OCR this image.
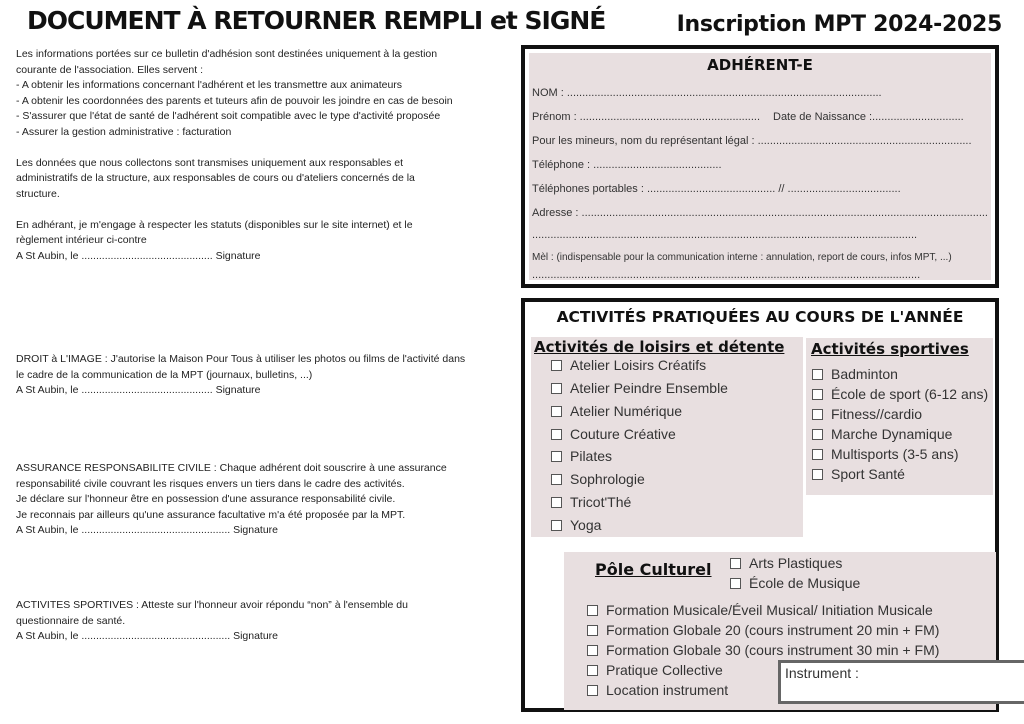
DOCUMENT À RETOURNER REMPLI et SIGNÉ	Inscription MPT 2024-2025

Les informations portées sur ce bulletin d'adhésion sont destinées uniquement à la gestion

courante de l'association. Elles servent :

- A obtenir les informations concernant l'adhérent et les transmettre aux animateurs

- A obtenir les coordonnées des parents et tuteurs afin de pouvoir les joindre en cas de besoin

- S'assurer que l'état de santé de l'adhérent soit compatible avec le type d'activité proposée

- Assurer la gestion administrative : facturation

Les données que nous collectons sont transmises uniquement aux responsables et

administratifs de la structure, aux responsables de cours ou d'ateliers concernés de la

structure.

En adhérant, je m'engage à respecter les statuts (disponibles sur le site internet) et le

règlement intérieur ci-contre

A St Aubin, le ............................................. Signature

DROIT à L'IMAGE : J'autorise la Maison Pour Tous à utiliser les photos ou films de l'activité dans

le cadre de la communication de la MPT (journaux, bulletins, ...)

A St Aubin, le ............................................. Signature

ASSURANCE RESPONSABILITE CIVILE : Chaque adhérent doit souscrire à une assurance

responsabilité civile couvrant les risques envers un tiers dans le cadre des activités.

Je déclare sur l'honneur être en possession d'une assurance responsabilité civile.

Je reconnais par ailleurs qu'une assurance facultative m'a été proposée par la MPT.

A St Aubin, le ................................................... Signature

ACTIVITES SPORTIVES : Atteste sur l'honneur avoir répondu “non” à l'ensemble du

questionnaire de santé.

A St Aubin, le ................................................... Signature

ADHÉRENT-E
NOM : .......................................................................................................
Prénom : ........................................................... Date de Naissance :..............................
Pour les mineurs, nom du représentant légal : ......................................................................
Téléphone : ..........................................
Téléphones portables : .......................................... // .....................................
Adresse : .....................................................................................................................................
..............................................................................................................................
Mèl : (indispensable pour la communication interne : annulation, report de cours, infos MPT, ...)
...............................................................................................................................
ACTIVITÉS PRATIQUÉES AU COURS DE L'ANNÉE
Activités de loisirs et détente
Atelier Loisirs Créatifs
Atelier Peindre Ensemble
Atelier Numérique
Couture Créative
Pilates
Sophrologie
Tricot'Thé
Yoga
Activités sportives
Badminton
École de sport (6-12 ans)
Fitness//cardio
Marche Dynamique
Multisports (3-5 ans)
Sport Santé
Pôle Culturel	Arts Plastiques
École de Musique
Formation Musicale/Éveil Musical/ Initiation Musicale
Formation Globale 20 (cours instrument 20 min + FM)
Formation Globale 30 (cours instrument 30 min + FM)
Pratique Collective
Location instrument
Instrument :
